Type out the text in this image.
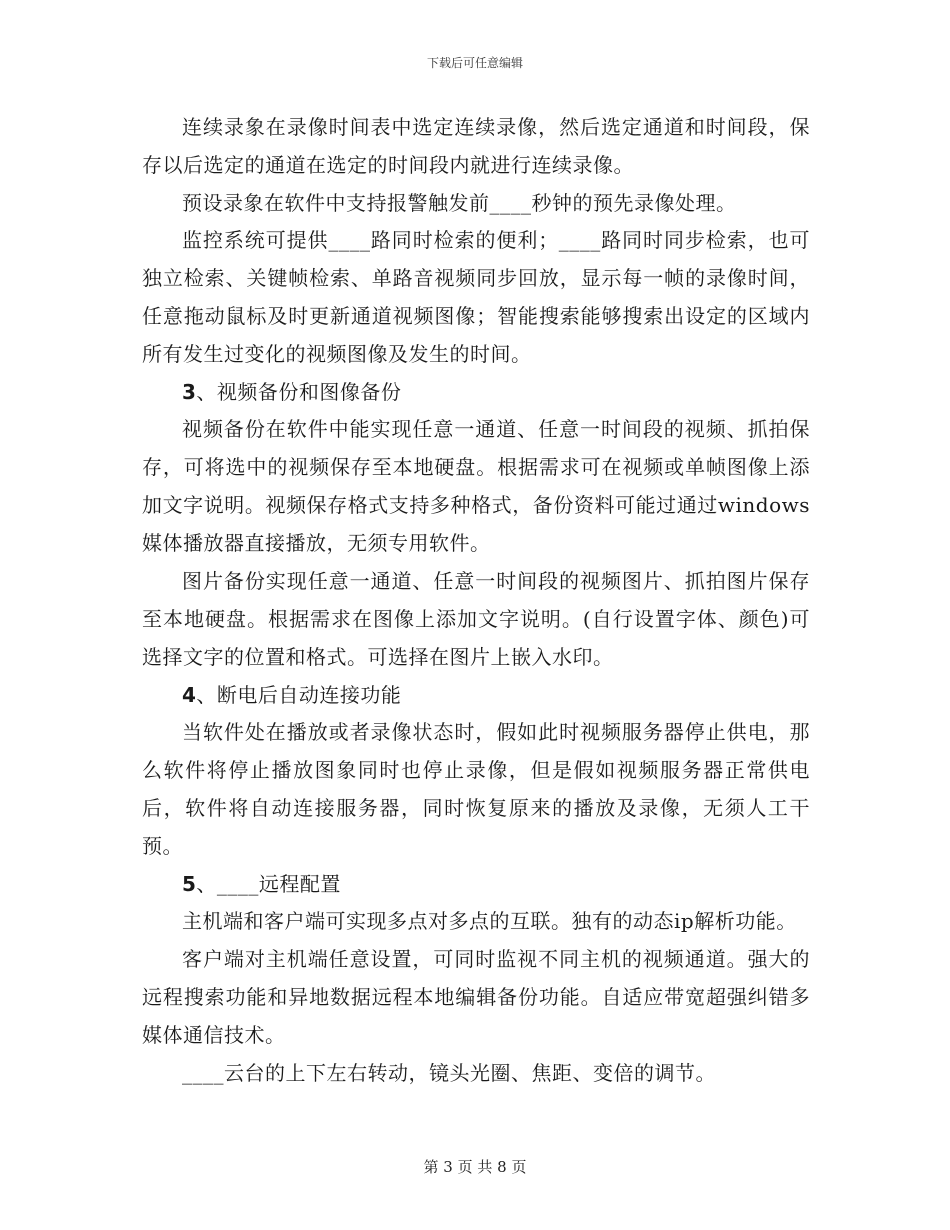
下载后可任意编辑

连续录象在录像时间表中选定连续录像，然后选定通道和时间段，保存以后选定的通道在选定的时间段内就进行连续录像。

预设录象在软件中支持报警触发前____秒钟的预先录像处理。

监控系统可提供____路同时检索的便利；____路同时同步检索，也可独立检索、关键帧检索、单路音视频同步回放，显示每一帧的录像时间，任意拖动鼠标及时更新通道视频图像；智能搜索能够搜索出设定的区域内所有发生过变化的视频图像及发生的时间。

3、视频备份和图像备份

视频备份在软件中能实现任意一通道、任意一时间段的视频、抓拍保存，可将选中的视频保存至本地硬盘。根据需求可在视频或单帧图像上添加文字说明。视频保存格式支持多种格式，备份资料可能过通过windows媒体播放器直接播放，无须专用软件。

图片备份实现任意一通道、任意一时间段的视频图片、抓拍图片保存至本地硬盘。根据需求在图像上添加文字说明。(自行设置字体、颜色)可选择文字的位置和格式。可选择在图片上嵌入水印。

4、断电后自动连接功能

当软件处在播放或者录像状态时，假如此时视频服务器停止供电，那么软件将停止播放图象同时也停止录像，但是假如视频服务器正常供电后，软件将自动连接服务器，同时恢复原来的播放及录像，无须人工干预。

5、____远程配置

主机端和客户端可实现多点对多点的互联。独有的动态ip解析功能。

客户端对主机端任意设置，可同时监视不同主机的视频通道。强大的远程搜索功能和异地数据远程本地编辑备份功能。自适应带宽超强纠错多媒体通信技术。

____云台的上下左右转动，镜头光圈、焦距、变倍的调节。

第 3 页 共 8 页
